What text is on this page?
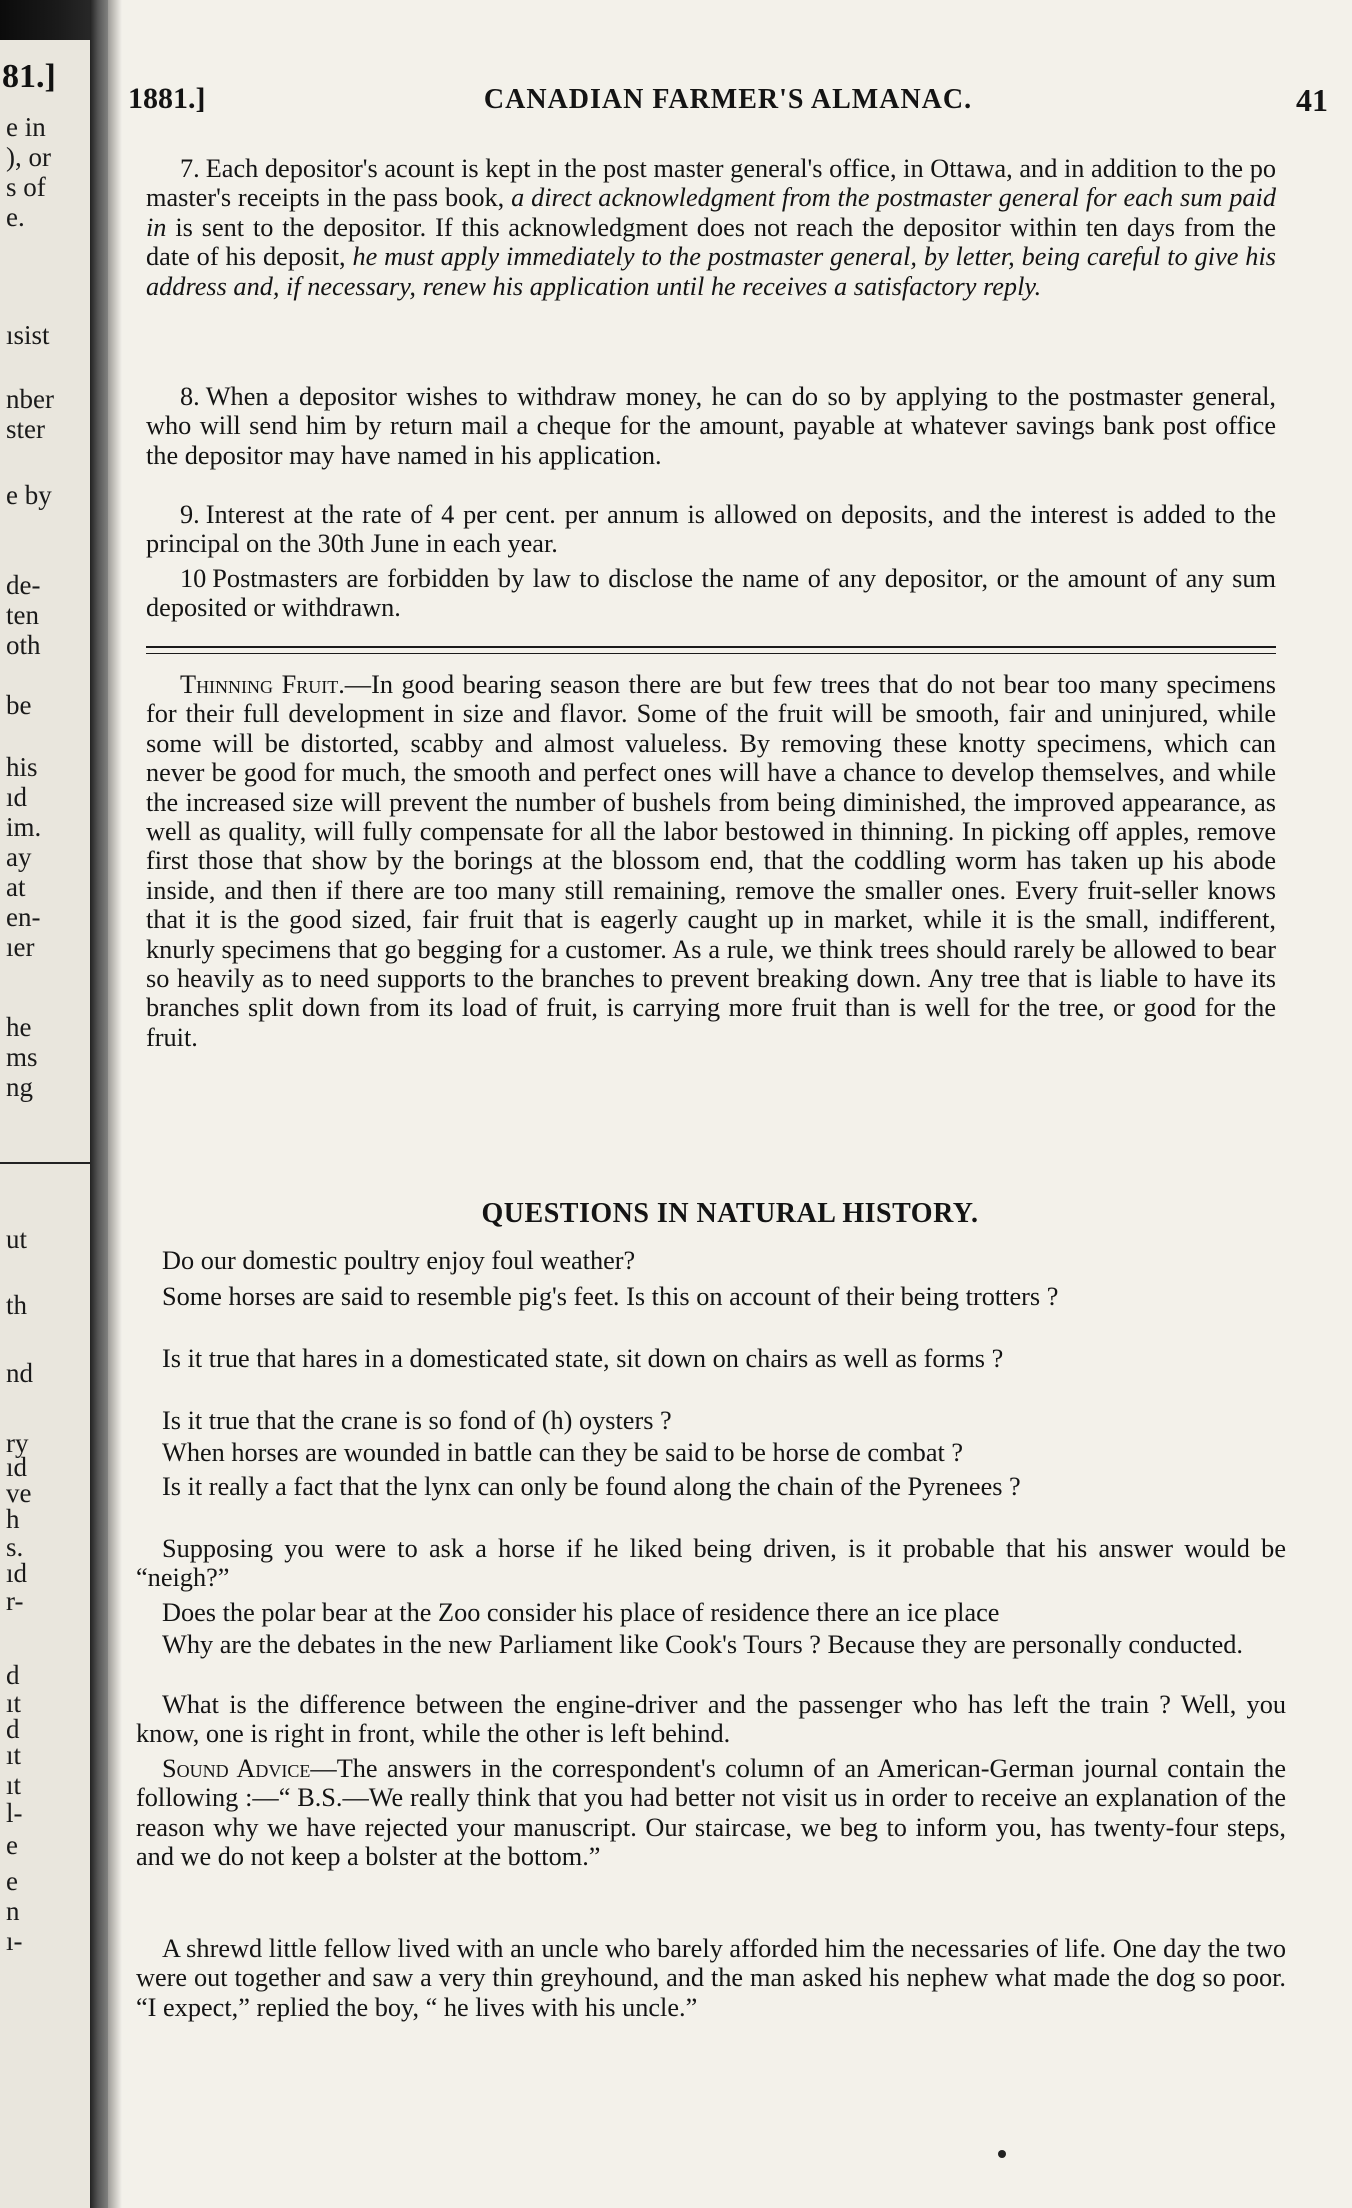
81.]
e in
), or
s of
e.
ısist
nber
ster
e by
de-
ten
oth
be
his
ıd
im.
ay
at
en-
ıer
he
ms
ng
ut
th
nd
ry
ıd
ve
h
s.
ıd
r-
d
ıt
d
ıt
ıt
l-
e
e
n
ı-
1881.]	CANADIAN FARMER'S ALMANAC.	41
7. Each depositor's acount is kept in the post master general's office, in Ottawa, and in addition to the po master's receipts in the pass book, a direct acknowledgment from the postmaster general for each sum paid in is sent to the depositor. If this acknowledgment does not reach the depositor within ten days from the date of his deposit, he must apply immediately to the postmaster general, by letter, being careful to give his address and, if necessary, renew his application until he receives a satisfactory reply.
8. When a depositor wishes to withdraw money, he can do so by applying to the postmaster general, who will send him by return mail a cheque for the amount, payable at whatever savings bank post office the depositor may have named in his application.
9. Interest at the rate of 4 per cent. per annum is allowed on deposits, and the interest is added to the principal on the 30th June in each year.
10 Postmasters are forbidden by law to disclose the name of any depositor, or the amount of any sum deposited or withdrawn.
Thinning Fruit.—In good bearing season there are but few trees that do not bear too many specimens for their full development in size and flavor. Some of the fruit will be smooth, fair and uninjured, while some will be distorted, scabby and almost valueless. By removing these knotty specimens, which can never be good for much, the smooth and perfect ones will have a chance to develop themselves, and while the increased size will prevent the number of bushels from being diminished, the improved appearance, as well as quality, will fully compensate for all the labor bestowed in thinning. In picking off apples, remove first those that show by the borings at the blossom end, that the coddling worm has taken up his abode inside, and then if there are too many still remaining, remove the smaller ones. Every fruit-seller knows that it is the good sized, fair fruit that is eagerly caught up in market, while it is the small, indifferent, knurly specimens that go begging for a customer. As a rule, we think trees should rarely be allowed to bear so heavily as to need supports to the branches to prevent breaking down. Any tree that is liable to have its branches split down from its load of fruit, is carrying more fruit than is well for the tree, or good for the fruit.
QUESTIONS IN NATURAL HISTORY.
Do our domestic poultry enjoy foul weather?
Some horses are said to resemble pig's feet. Is this on account of their being trotters ?
Is it true that hares in a domesticated state, sit down on chairs as well as forms ?
Is it true that the crane is so fond of (h) oysters ?
When horses are wounded in battle can they be said to be horse de combat ?
Is it really a fact that the lynx can only be found along the chain of the Pyrenees ?
Supposing you were to ask a horse if he liked being driven, is it probable that his answer would be “neigh?”
Does the polar bear at the Zoo consider his place of residence there an ice place
Why are the debates in the new Parliament like Cook's Tours ? Because they are personally conducted.
What is the difference between the engine-driver and the passenger who has left the train ? Well, you know, one is right in front, while the other is left behind.
Sound Advice—The answers in the correspondent's column of an American-German journal contain the following :—“ B.S.—We really think that you had better not visit us in order to receive an explanation of the reason why we have rejected your manuscript. Our staircase, we beg to inform you, has twenty-four steps, and we do not keep a bolster at the bottom.”
A shrewd little fellow lived with an uncle who barely afforded him the necessaries of life. One day the two were out together and saw a very thin greyhound, and the man asked his nephew what made the dog so poor. “I expect,” replied the boy, “ he lives with his uncle.”
